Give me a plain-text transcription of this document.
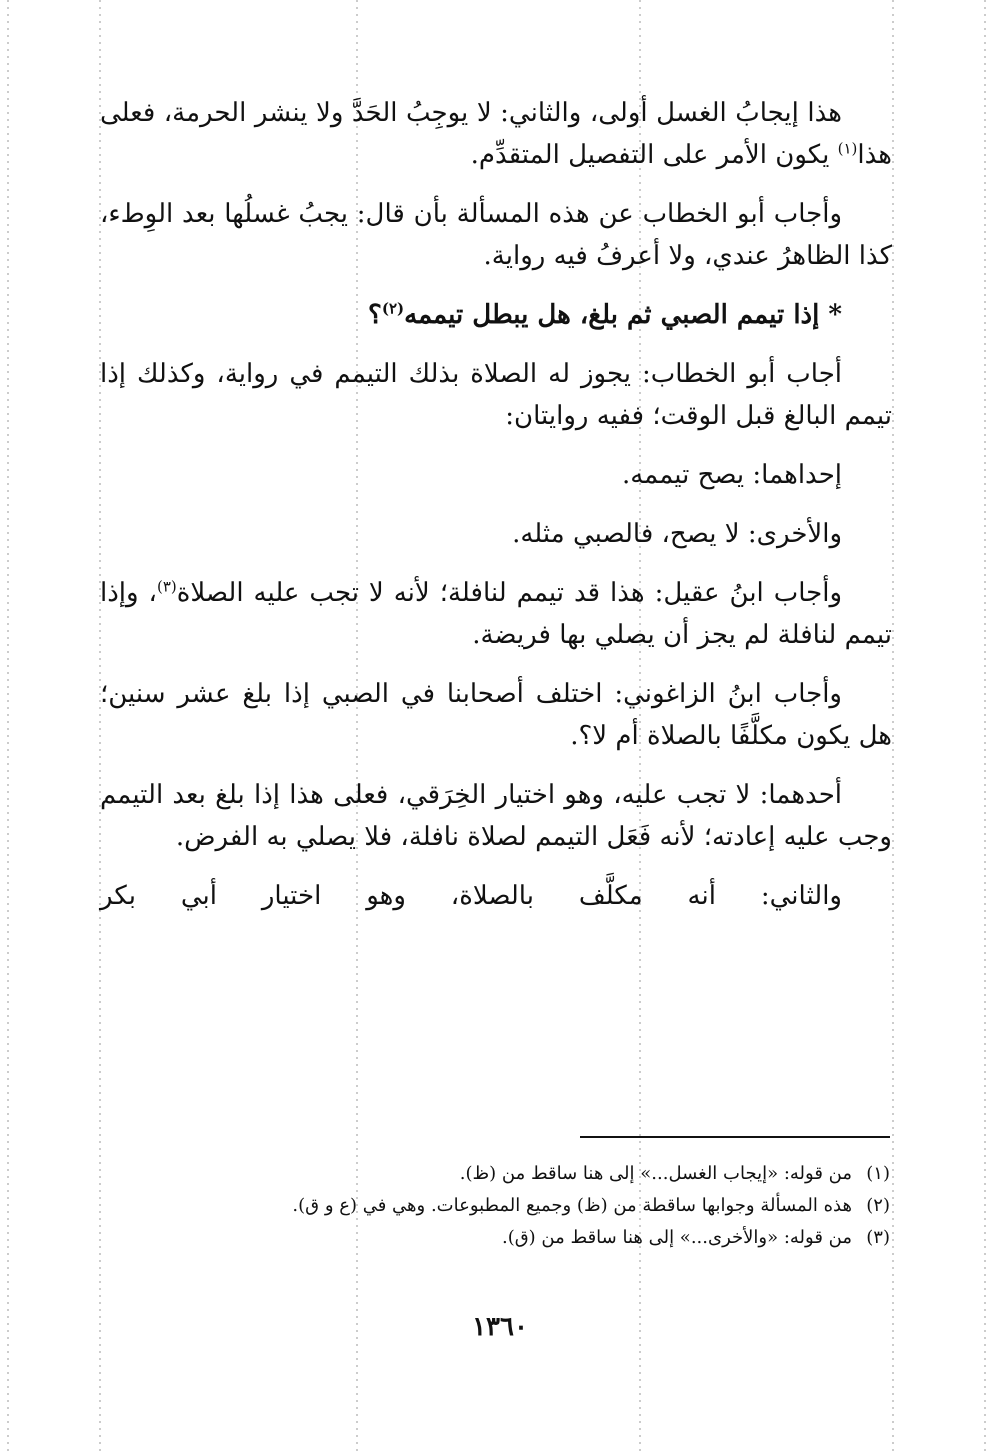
هذا إيجابُ الغسل أولى، والثاني: لا يوجِبُ الحَدَّ ولا ينشر الحرمة، فعلى هذا$^{(١)}$ يكون الأمر على التفصيل المتقدِّم.

وأجاب أبو الخطاب عن هذه المسألة بأن قال: يجبُ غسلُها بعد الوِطء، كذا الظاهرُ عندي، ولا أعرفُ فيه رواية.

* إذا تيمم الصبي ثم بلغ، هل يبطل تيممه$^{(٢)}$؟

أجاب أبو الخطاب: يجوز له الصلاة بذلك التيمم في رواية، وكذلك إذا تيمم البالغ قبل الوقت؛ ففيه روايتان:

إحداهما: يصح تيممه.

والأخرى: لا يصح، فالصبي مثله.

وأجاب ابنُ عقيل: هذا قد تيمم لنافلة؛ لأنه لا تجب عليه الصلاة$^{(٣)}$، وإذا تيمم لنافلة لم يجز أن يصلي بها فريضة.

وأجاب ابنُ الزاغوني: اختلف أصحابنا في الصبي إذا بلغ عشر سنين؛ هل يكون مكلَّفًا بالصلاة أم لا؟.

أحدهما: لا تجب عليه، وهو اختيار الخِرَقي، فعلى هذا إذا بلغ بعد التيمم وجب عليه إعادته؛ لأنه فَعَل التيمم لصلاة نافلة، فلا يصلي به الفرض.

والثاني: أنه مكلَّف بالصلاة، وهو اختيار أبي بكر

(١)من قوله: «إيجاب الغسل...» إلى هنا ساقط من (ظ).
(٢)هذه المسألة وجوابها ساقطة من (ظ) وجميع المطبوعات. وهي في (ع و ق).
(٣)من قوله: «والأخرى...» إلى هنا ساقط من (ق).
١٣٦٠
